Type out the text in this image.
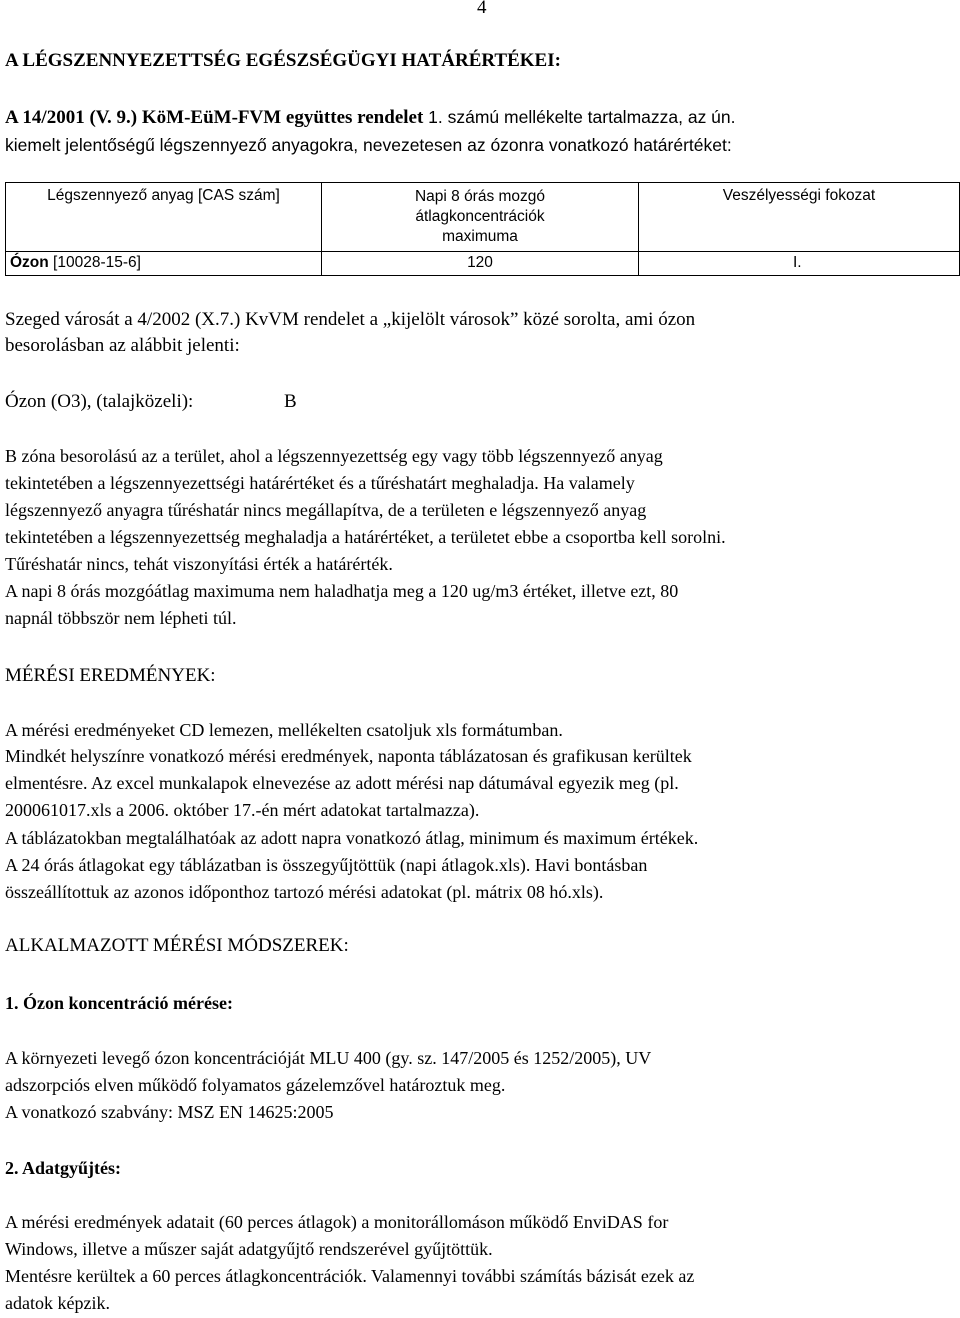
4
A LÉGSZENNYEZETTSÉG EGÉSZSÉGÜGYI HATÁRÉRTÉKEI:
A 14/2001 (V. 9.) KöM-EüM-FVM együttes rendelet 1. számú mellékelte tartalmazza, az ún.
kiemelt jelentőségű légszennyező anyagokra, nevezetesen az ózonra vonatkozó határértéket:
Légszennyező anyag [CAS szám]	Napi 8 órás mozgó
átlagkoncentrációk
maximuma	Veszélyességi fokozat
Ózon [10028-15-6]	120	I.
Szeged városát a 4/2002 (X.7.) KvVM rendelet a „kijelölt városok” közé sorolta, ami ózon
besorolásban az alábbit jelenti:
Ózon (O3), (talajközeli):	B
B zóna besorolású az a terület, ahol a légszennyezettség egy vagy több légszennyező anyag
tekintetében a légszennyezettségi határértéket és a tűréshatárt meghaladja. Ha valamely
légszennyező anyagra tűréshatár nincs megállapítva, de a területen e légszennyező anyag
tekintetében a légszennyezettség meghaladja a határértéket, a területet ebbe a csoportba kell sorolni.
Tűréshatár nincs, tehát viszonyítási érték a határérték.
A napi 8 órás mozgóátlag maximuma nem haladhatja meg a 120 ug/m3 értéket, illetve ezt, 80
napnál többször nem lépheti túl.
MÉRÉSI EREDMÉNYEK:
A mérési eredményeket CD lemezen, mellékelten csatoljuk xls formátumban.
Mindkét helyszínre vonatkozó mérési eredmények, naponta táblázatosan és grafikusan kerültek
elmentésre. Az excel munkalapok elnevezése az adott mérési nap dátumával egyezik meg (pl.
200061017.xls a 2006. október 17.-én mért adatokat tartalmazza).
A táblázatokban megtalálhatóak az adott napra vonatkozó átlag, minimum és maximum értékek.
A 24 órás átlagokat egy táblázatban is összegyűjtöttük (napi átlagok.xls). Havi bontásban
összeállítottuk az azonos időponthoz tartozó mérési adatokat (pl. mátrix 08 hó.xls).
ALKALMAZOTT MÉRÉSI MÓDSZEREK:
1. Ózon koncentráció mérése:
A környezeti levegő ózon koncentrációját MLU 400 (gy. sz. 147/2005 és 1252/2005), UV
adszorpciós elven működő folyamatos gázelemzővel határoztuk meg.
A vonatkozó szabvány: MSZ EN 14625:2005
2. Adatgyűjtés:
A mérési eredmények adatait (60 perces átlagok) a monitorállomáson működő EnviDAS for
Windows, illetve a műszer saját adatgyűjtő rendszerével gyűjtöttük.
Mentésre kerültek a 60 perces átlagkoncentrációk. Valamennyi további számítás bázisát ezek az
adatok képzik.
